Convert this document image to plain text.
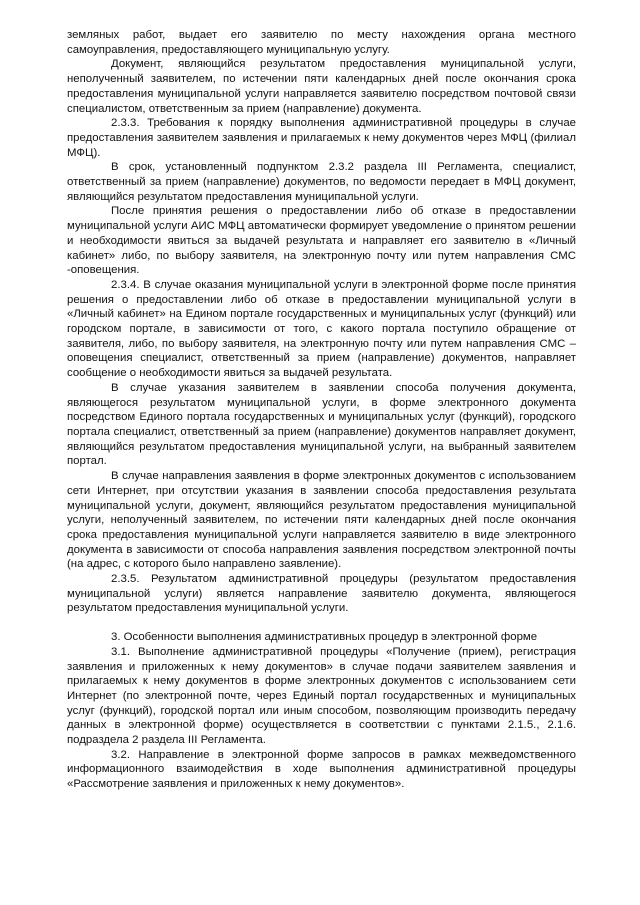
земляных работ, выдает его заявителю по месту нахождения органа местного самоуправления, предоставляющего муниципальную услугу.

Документ, являющийся результатом предоставления муниципальной услуги, неполученный заявителем, по истечении пяти календарных дней после окончания срока предоставления муниципальной услуги направляется заявителю посредством почтовой связи специалистом, ответственным за прием (направление) документа.

2.3.3. Требования к порядку выполнения административной процедуры в случае предоставления заявителем заявления и прилагаемых к нему документов через МФЦ (филиал МФЦ).

В срок, установленный подпунктом 2.3.2 раздела III Регламента, специалист, ответственный за прием (направление) документов, по ведомости передает в МФЦ документ, являющийся результатом предоставления муниципальной услуги.

После принятия решения о предоставлении либо об отказе в предоставлении муниципальной услуги АИС МФЦ автоматически формирует уведомление о принятом решении и необходимости явиться за выдачей результата и направляет его заявителю в «Личный кабинет» либо, по выбору заявителя, на электронную почту или путем направления СМС -оповещения.

2.3.4. В случае оказания муниципальной услуги в электронной форме после принятия решения о предоставлении либо об отказе в предоставлении муниципальной услуги в «Личный кабинет» на Едином портале государственных и муниципальных услуг (функций) или городском портале, в зависимости от того, с какого портала поступило обращение от заявителя, либо, по выбору заявителя, на электронную почту или путем направления СМС – оповещения специалист, ответственный за прием (направление) документов, направляет сообщение о необходимости явиться за выдачей результата.

В случае указания заявителем в заявлении способа получения документа, являющегося результатом муниципальной услуги, в форме электронного документа посредством Единого портала государственных и муниципальных услуг (функций), городского портала специалист, ответственный за прием (направление) документов направляет документ, являющийся результатом предоставления муниципальной услуги, на выбранный заявителем портал.

В случае направления заявления в форме электронных документов с использованием сети Интернет, при отсутствии указания в заявлении способа предоставления результата муниципальной услуги, документ, являющийся результатом предоставления муниципальной услуги, неполученный заявителем, по истечении пяти календарных дней после окончания срока предоставления муниципальной услуги направляется заявителю в виде электронного документа в зависимости от способа направления заявления посредством электронной почты (на адрес, с которого было направлено заявление).

2.3.5. Результатом административной процедуры (результатом предоставления муниципальной услуги) является направление заявителю документа, являющегося результатом предоставления муниципальной услуги.

3. Особенности выполнения административных процедур в электронной форме

3.1. Выполнение административной процедуры «Получение (прием), регистрация заявления и приложенных к нему документов» в случае подачи заявителем заявления и прилагаемых к нему документов в форме электронных документов с использованием сети Интернет (по электронной почте, через Единый портал государственных и муниципальных услуг (функций), городской портал или иным способом, позволяющим производить передачу данных в электронной форме) осуществляется в соответствии с пунктами 2.1.5., 2.1.6. подраздела 2 раздела III Регламента.

3.2. Направление в электронной форме запросов в рамках межведомственного информационного взаимодействия в ходе выполнения административной процедуры «Рассмотрение заявления и приложенных к нему документов».
